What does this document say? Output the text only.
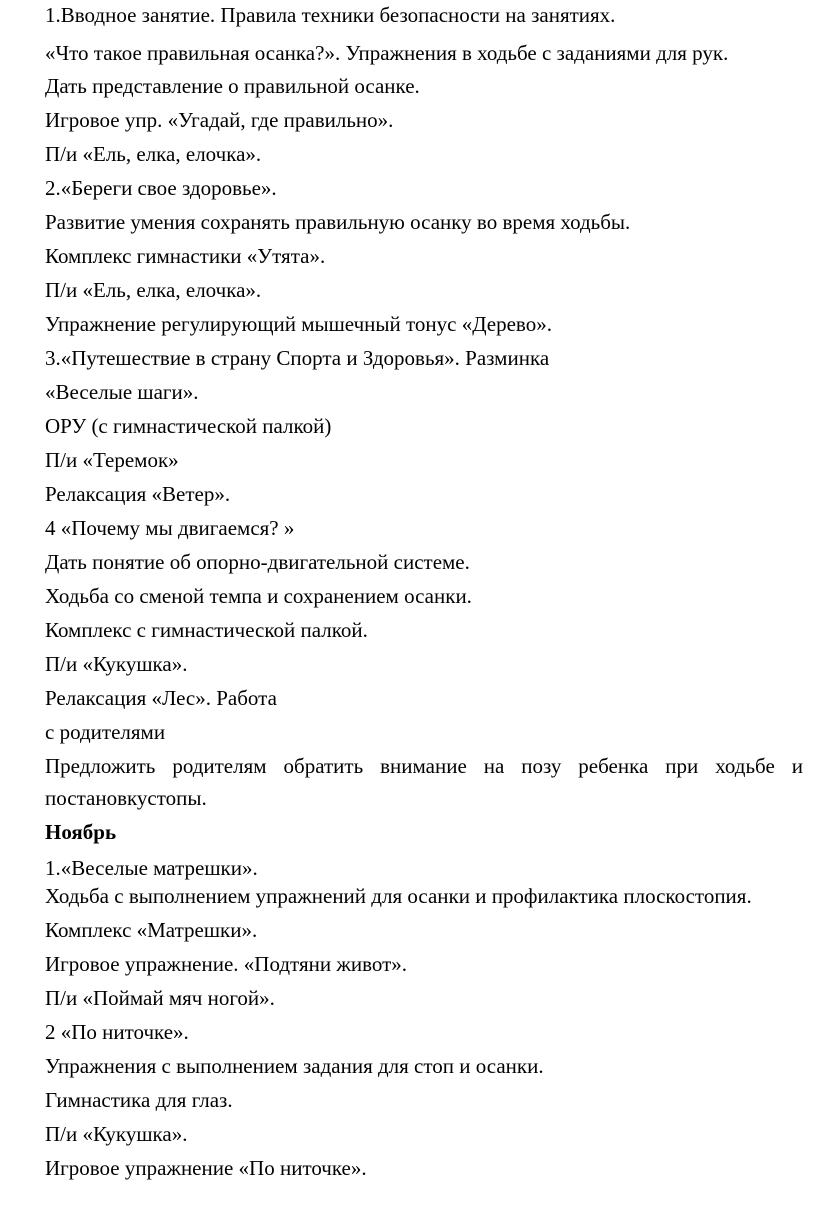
1.Вводное занятие. Правила техники безопасности на занятиях.
«Что такое правильная осанка?». Упражнения в ходьбе с заданиями для рук.
Дать представление о правильной осанке.
Игровое упр. «Угадай, где правильно».
П/и «Ель, елка, елочка».
2.«Береги свое здоровье».
Развитие умения сохранять правильную осанку во время ходьбы.
Комплекс гимнастики «Утята».
П/и «Ель, елка, елочка».
Упражнение регулирующий мышечный тонус «Дерево».
3.«Путешествие в страну Спорта и Здоровья». Разминка
«Веселые шаги».
ОРУ (с гимнастической палкой)
П/и «Теремок»
Релаксация «Ветер».
4 «Почему мы двигаемся? »
Дать понятие об опорно-двигательной системе.
Ходьба со сменой темпа и сохранением осанки.
Комплекс с гимнастической палкой.
П/и «Кукушка».
Релаксация «Лес». Работа
с родителями
Предложить родителям обратить внимание на позу ребенка при ходьбе и
постановкустопы.
Ноябрь
1.«Веселые матрешки».
Ходьба с выполнением упражнений для осанки и профилактика плоскостопия.
Комплекс «Матрешки».
Игровое упражнение. «Подтяни живот».
П/и «Поймай мяч ногой».
2 «По ниточке».
Упражнения с выполнением задания для стоп и осанки.
Гимнастика для глаз.
П/и «Кукушка».
Игровое упражнение «По ниточке».
